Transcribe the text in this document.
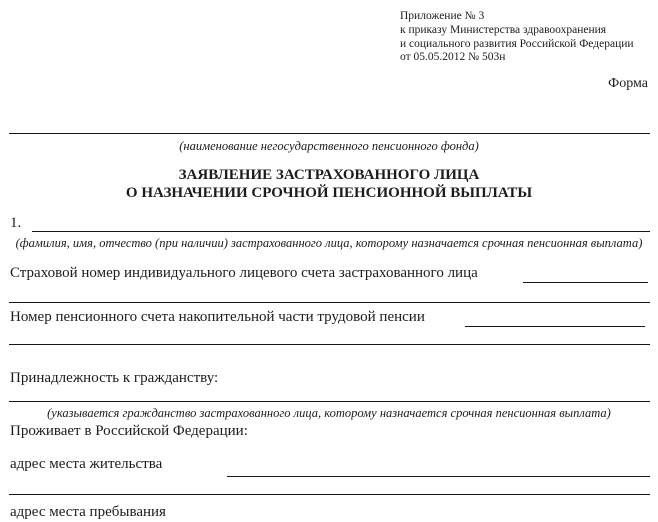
Приложение № 3
к приказу Министерства здравоохранения
и социального развития Российской Федерации
от 05.05.2012 № 503н
Форма
(наименование негосударственного пенсионного фонда)
ЗАЯВЛЕНИЕ ЗАСТРАХОВАННОГО ЛИЦА
О НАЗНАЧЕНИИ СРОЧНОЙ ПЕНСИОННОЙ ВЫПЛАТЫ
1.
(фамилия, имя, отчество (при наличии) застрахованного лица, которому назначается срочная пенсионная выплата)
Страховой номер индивидуального лицевого счета застрахованного лица
Номер пенсионного счета накопительной части трудовой пенсии
Принадлежность к гражданству:
(указывается гражданство застрахованного лица, которому назначается срочная пенсионная выплата)
Проживает в Российской Федерации:
адрес места жительства
адрес места пребывания
